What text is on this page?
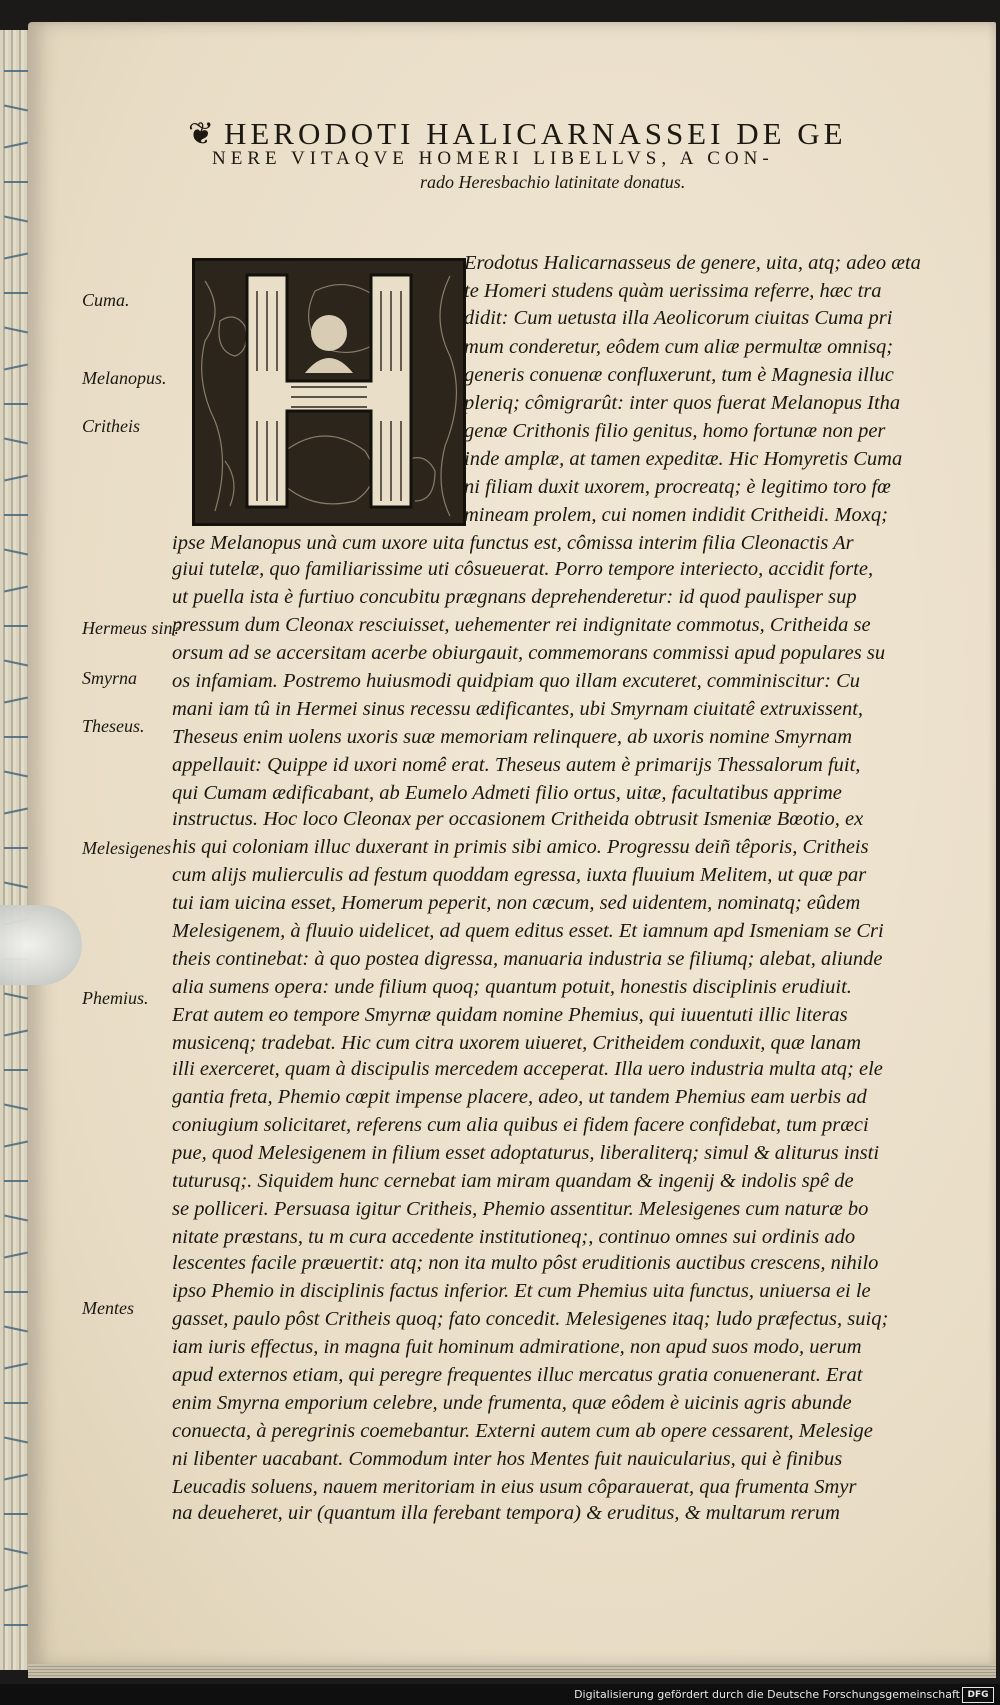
❦ HERODOTI HALICARNASSEI DE GE
NERE VITAQVE HOMERI LIBELLVS, A CON-
rado Heresbachio latinitate donatus.
Erodotus Halicarnasseus de genere, uita, atq; adeo æta
te Homeri studens quàm uerissima referre, hæc tra
didit: Cum uetusta illa Aeolicorum ciuitas Cuma pri
mum conderetur, eôdem cum aliæ permultæ omnisq;
generis conuenæ confluxerunt, tum è Magnesia illuc
pleriq; cômigrarût: inter quos fuerat Melanopus Itha
genæ Crithonis filio genitus, homo fortunæ non per
inde amplæ, at tamen expeditæ. Hic Homyretis Cuma
ni filiam duxit uxorem, procreatq; è legitimo toro fœ
mineam prolem, cui nomen indidit Critheidi. Moxq;
ipse Melanopus unà cum uxore uita functus est, cômissa interim filia Cleonactis Ar
giui tutelæ, quo familiarissime uti côsueuerat. Porro tempore interiecto, accidit forte,
ut puella ista è furtiuo concubitu prægnans deprehenderetur: id quod paulisper sup
pressum dum Cleonax resciuisset, uehementer rei indignitate commotus, Critheida se
orsum ad se accersitam acerbe obiurgauit, commemorans commissi apud populares su
os infamiam. Postremo huiusmodi quidpiam quo illam excuteret, comminiscitur: Cu
mani iam tû in Hermei sinus recessu ædificantes, ubi Smyrnam ciuitatê extruxissent,
Theseus enim uolens uxoris suæ memoriam relinquere, ab uxoris nomine Smyrnam
appellauit: Quippe id uxori nomê erat. Theseus autem è primarijs Thessalorum fuit,
qui Cumam ædificabant, ab Eumelo Admeti filio ortus, uitæ, facultatibus apprime
instructus. Hoc loco Cleonax per occasionem Critheida obtrusit Ismeniæ Bœotio, ex
his qui coloniam illuc duxerant in primis sibi amico. Progressu deiñ têporis, Critheis
cum alijs mulierculis ad festum quoddam egressa, iuxta fluuium Melitem, ut quæ par
tui iam uicina esset, Homerum peperit, non cæcum, sed uidentem, nominatq; eûdem
Melesigenem, à fluuio uidelicet, ad quem editus esset. Et iamnum apd Ismeniam se Cri
theis continebat: à quo postea digressa, manuaria industria se filiumq; alebat, aliunde
alia sumens opera: unde filium quoq; quantum potuit, honestis disciplinis erudiuit.
Erat autem eo tempore Smyrnæ quidam nomine Phemius, qui iuuentuti illic literas
musicenq; tradebat. Hic cum citra uxorem uiueret, Critheidem conduxit, quæ lanam
illi exerceret, quam à discipulis mercedem acceperat. Illa uero industria multa atq; ele
gantia freta, Phemio cœpit impense placere, adeo, ut tandem Phemius eam uerbis ad
coniugium solicitaret, referens cum alia quibus ei fidem facere confidebat, tum præci
pue, quod Melesigenem in filium esset adoptaturus, liberaliterq; simul & aliturus insti
tuturusq;. Siquidem hunc cernebat iam miram quandam & ingenij & indolis spê de
se polliceri. Persuasa igitur Critheis, Phemio assentitur. Melesigenes cum naturæ bo
nitate præstans, tu m cura accedente institutioneq;, continuo omnes sui ordinis ado
lescentes facile præuertit: atq; non ita multo pôst eruditionis auctibus crescens, nihilo
ipso Phemio in disciplinis factus inferior. Et cum Phemius uita functus, uniuersa ei le
gasset, paulo pôst Critheis quoq; fato concedit. Melesigenes itaq; ludo præfectus, suiq;
iam iuris effectus, in magna fuit hominum admiratione, non apud suos modo, uerum
apud externos etiam, qui peregre frequentes illuc mercatus gratia conuenerant. Erat
enim Smyrna emporium celebre, unde frumenta, quæ eôdem è uicinis agris abunde
conuecta, à peregrinis coemebantur. Externi autem cum ab opere cessarent, Melesige
ni libenter uacabant. Commodum inter hos Mentes fuit nauicularius, qui è finibus
Leucadis soluens, nauem meritoriam in eius usum côparauerat, qua frumenta Smyr
na deueheret, uir (quantum illa ferebant tempora) & eruditus, & multarum rerum
Cuma.
Melanopus.
Critheis
Hermeus sin?
Smyrna
Theseus.
Melesigenes
Phemius.
Mentes
Digitalisierung gefördert durch die Deutsche Forschungsgemeinschaft DFG
